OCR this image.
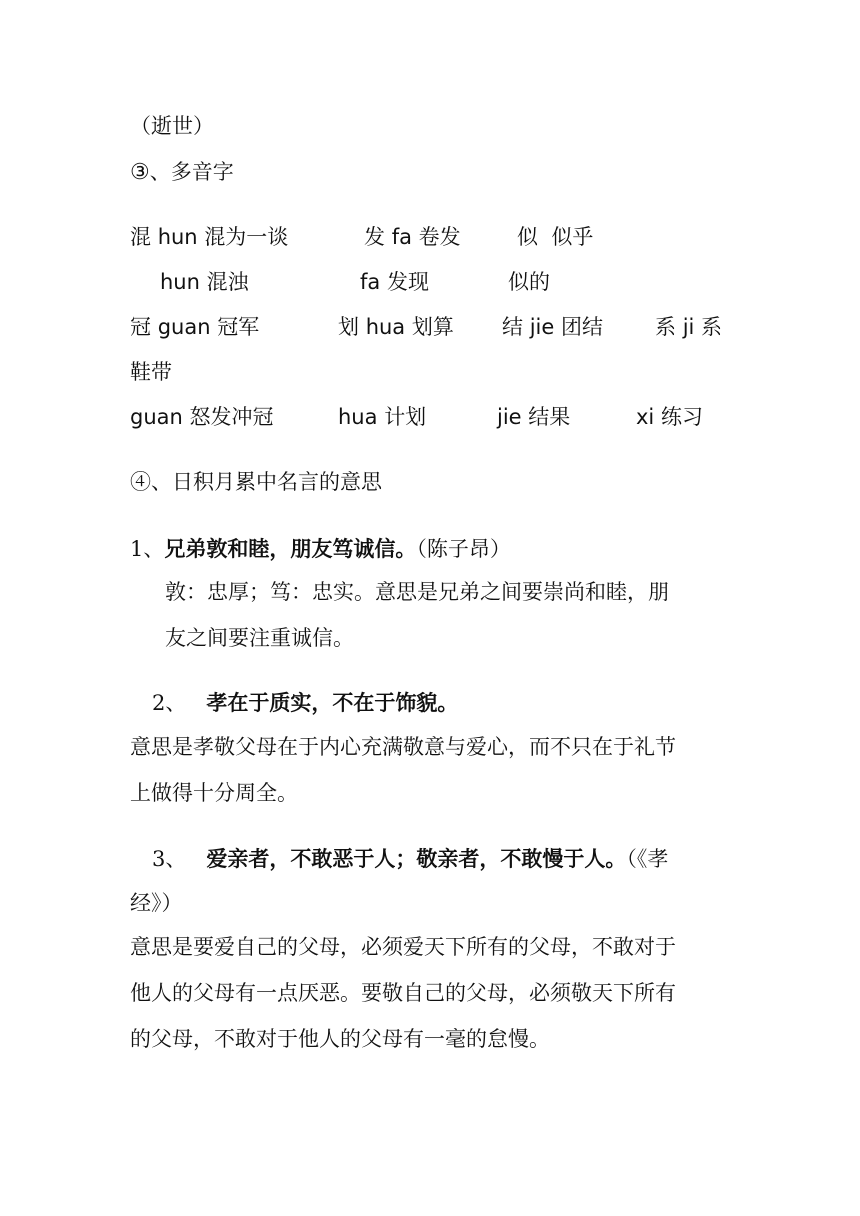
（逝世）
③、多音字
混 hun 混为一谈	发 fa 卷发	似 似乎
hun 混浊	fa 发现	似的
冠 guan 冠军	划 hua 划算 结 jie 团结 系 ji 系
鞋带
guan 怒发冲冠	hua 计划	jie 结果	xi 练习
④、日积月累中名言的意思
1、兄弟敦和睦，朋友笃诚信。（陈子昂）
敦：忠厚；笃：忠实。意思是兄弟之间要崇尚和睦，朋
友之间要注重诚信。
2、 孝在于质实，不在于饰貌。
意思是孝敬父母在于内心充满敬意与爱心，而不只在于礼节
上做得十分周全。
3、 爱亲者，不敢恶于人；敬亲者，不敢慢于人。（《孝
经》）
意思是要爱自己的父母，必须爱天下所有的父母，不敢对于
他人的父母有一点厌恶。要敬自己的父母，必须敬天下所有
的父母，不敢对于他人的父母有一毫的怠慢。
